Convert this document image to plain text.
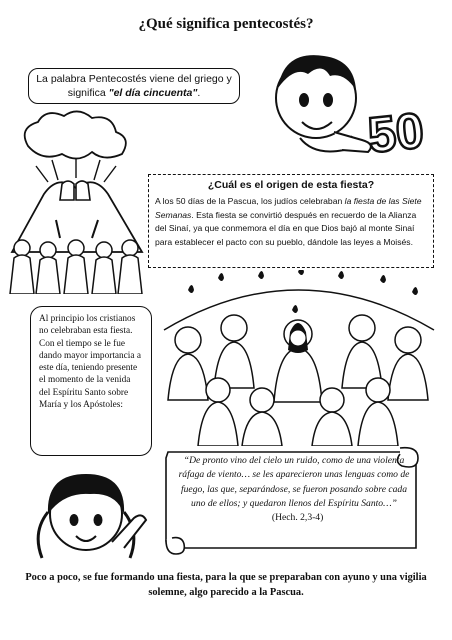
¿Qué significa pentecostés?
La palabra Pentecostés viene del griego y
significa "el día cincuenta".
50
¿Cuál es el origen de esta fiesta?
A los 50 días de la Pascua, los judíos celebraban la fiesta de las Siete Semanas. Esta fiesta se convirtió después en recuerdo de la Alianza del Sinaí, ya que conmemora el día en que Dios bajó al monte Sinaí para establecer el pacto con su pueblo, dándole las leyes a Moisés.
Al principio los cristianos no celebraban esta fiesta. Con el tiempo se le fue dando mayor importancia a este día, teniendo presente el momento de la venida del Espíritu Santo sobre María y los Apóstoles:
“De pronto vino del cielo un ruido, como de una violenta ráfaga de viento… se les aparecieron unas lenguas como de fuego, las que, separándose, se fueron posando sobre cada uno de ellos; y quedaron llenos del Espíritu Santo…”    (Hech. 2,3-4)
Poco a poco, se fue formando una fiesta, para la que se preparaban con ayuno y una vigilia solemne, algo parecido a la Pascua.
